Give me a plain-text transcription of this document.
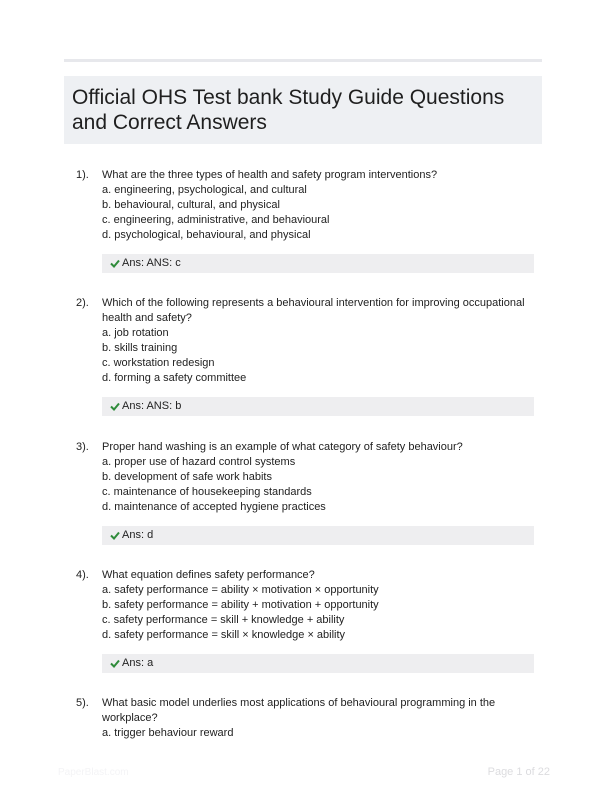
Official OHS Test bank Study Guide Questions and Correct Answers
1). What are the three types of health and safety program interventions?

a. engineering, psychological, and cultural

b. behavioural, cultural, and physical

c. engineering, administrative, and behavioural

d. psychological, behavioural, and physical

Ans: ANS: c
2). Which of the following represents a behavioural intervention for improving occupational health and safety?

a. job rotation

b. skills training

c. workstation redesign

d. forming a safety committee

Ans: ANS: b
3). Proper hand washing is an example of what category of safety behaviour?

a. proper use of hazard control systems

b. development of safe work habits

c. maintenance of housekeeping standards

d. maintenance of accepted hygiene practices

Ans: d
4). What equation defines safety performance?

a. safety performance = ability × motivation × opportunity

b. safety performance = ability + motivation + opportunity

c. safety performance = skill + knowledge + ability

d. safety performance = skill × knowledge × ability

Ans: a
5). What basic model underlies most applications of behavioural programming in the workplace?

a. trigger behaviour reward

PaperBlast.com	Page 1 of 22
